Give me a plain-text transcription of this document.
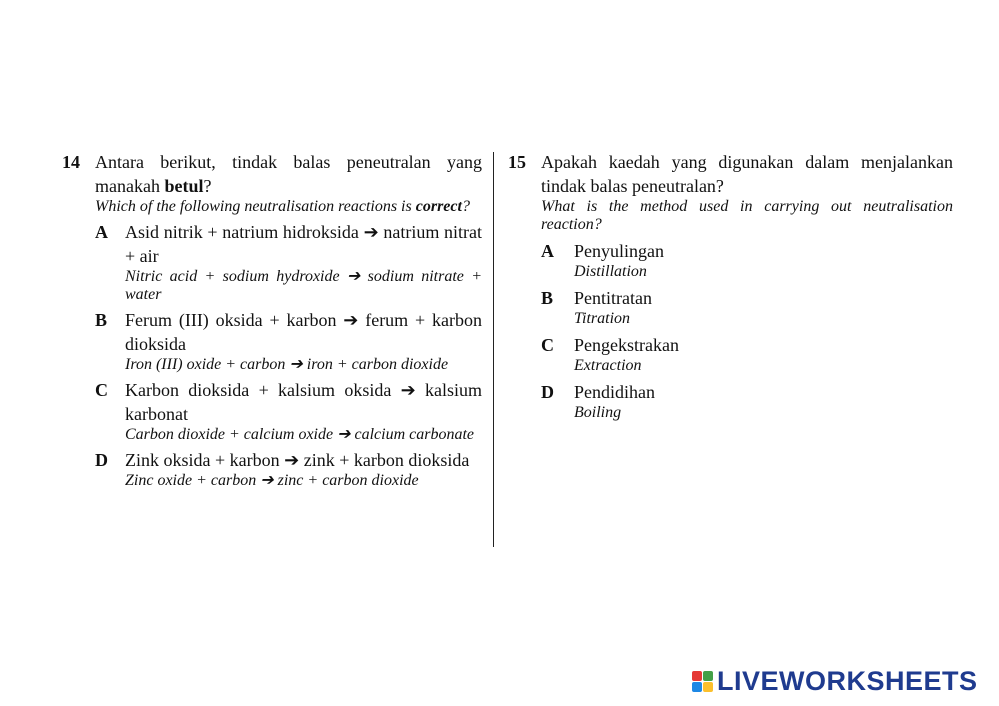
14 Antara berikut, tindak balas peneutralan yang manakah betul?
Which of the following neutralisation reactions is correct?
A Asid nitrik + natrium hidroksida ➔ natrium nitrat + air
Nitric acid + sodium hydroxide ➔ sodium nitrate + water
B Ferum (III) oksida + karbon ➔ ferum + karbon dioksida
Iron (III) oxide + carbon ➔ iron + carbon dioxide
C Karbon dioksida + kalsium oksida ➔ kalsium karbonat
Carbon dioxide + calcium oxide ➔ calcium carbonate
D Zink oksida + karbon ➔ zink + karbon dioksida
Zinc oxide + carbon ➔ zinc + carbon dioxide
15 Apakah kaedah yang digunakan dalam menjalankan tindak balas peneutralan?
What is the method used in carrying out neutralisation reaction?
A	Penyulingan
Distillation
B	Pentitratan
Titration
C	Pengekstrakan
Extraction
D	Pendidihan
Boiling
LIVEWORKSHEETS
